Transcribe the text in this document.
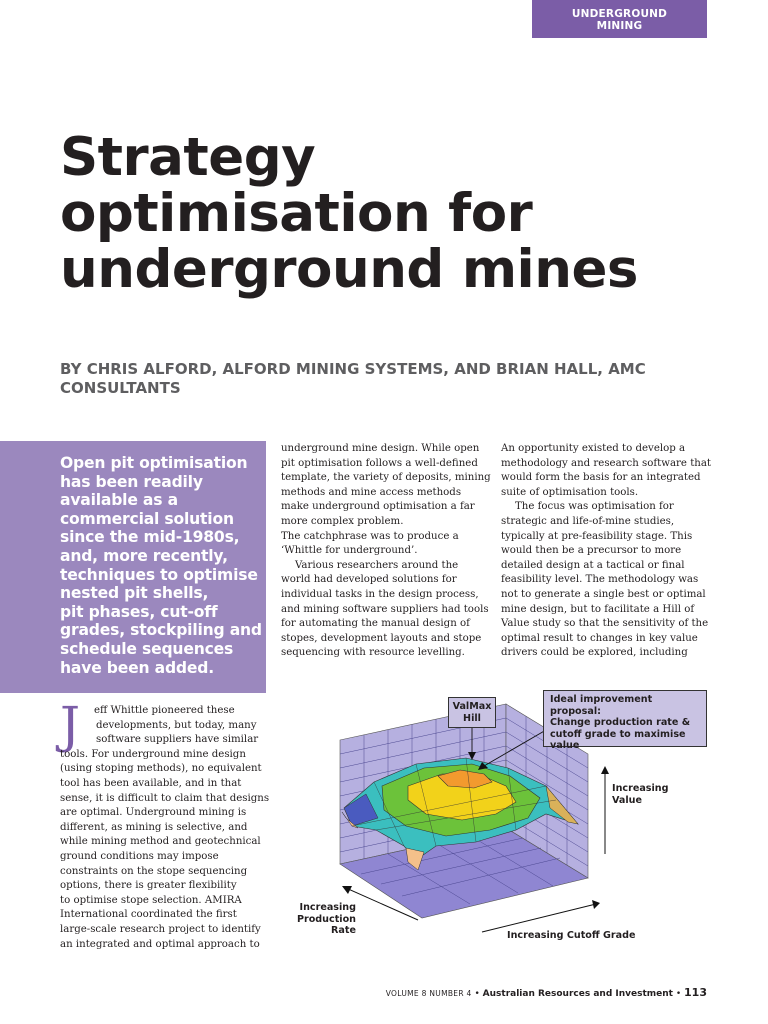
UNDERGROUND
MINING
Strategy
optimisation for
underground mines

BY CHRIS ALFORD, ALFORD MINING SYSTEMS, AND BRIAN HALL, AMC
CONSULTANTS

Open pit optimisation
has been readily
available as a
commercial solution
since the mid-1980s,
and, more recently,
techniques to optimise
nested pit shells,
pit phases, cut-off
grades, stockpiling and
schedule sequences
have been added.

J	eff Whittle pioneered these
developments, but today, many
software suppliers have similar
tools. For underground mine design
(using stoping methods), no equivalent
tool has been available, and in that
sense, it is difficult to claim that designs
are optimal. Underground mining is
different, as mining is selective, and
while mining method and geotechnical
ground conditions may impose
constraints on the stope sequencing
options, there is greater flexibility
to optimise stope selection. AMIRA
International coordinated the first
large-scale research project to identify
an integrated and optimal approach to
underground mine design. While open
pit optimisation follows a well-defined
template, the variety of deposits, mining
methods and mine access methods
make underground optimisation a far
more complex problem.
The catchphrase was to produce a
‘Whittle for underground’.
Various researchers around the
world had developed solutions for
individual tasks in the design process,
and mining software suppliers had tools
for automating the manual design of
stopes, development layouts and stope
sequencing with resource levelling.
An opportunity existed to develop a
methodology and research software that
would form the basis for an integrated
suite of optimisation tools.
The focus was optimisation for
strategic and life-of-mine studies,
typically at pre-feasibility stage. This
would then be a precursor to more
detailed design at a tactical or final
feasibility level. The methodology was
not to generate a single best or optimal
mine design, but to facilitate a Hill of
Value study so that the sensitivity of the
optimal result to changes in key value
drivers could be explored, including
ValMax
Hill
Ideal improvement proposal:
Change production rate &
cutoff grade to maximise
value
Increasing
Value
Increasing
Production
Rate	Increasing Cutoff Grade
VOLUME 8 NUMBER 4 • Australian Resources and Investment • 113
